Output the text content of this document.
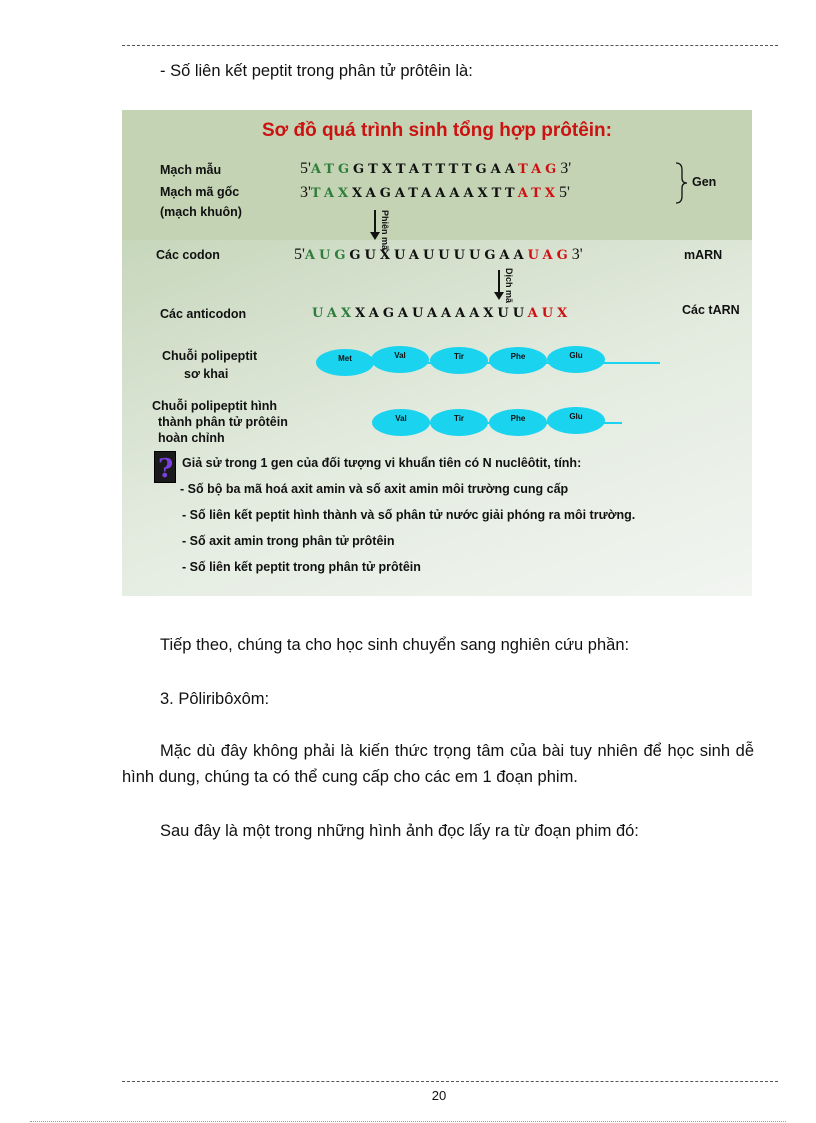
- Số liên kết peptit trong phân tử prôtêin là:
Sơ đồ quá trình sinh tổng hợp prôtêin:
Mạch mẫu
Mạch mã gốc
(mạch khuôn)
5'ATGGTXTATTTTGAATAG3'
3'TAXXAGATAAAAXTTATX5'
Gen
Phiên mã
Các codon	5'AUGGUXUAUUUUGAAUAG3'	mARN
Dịch mã
Các anticodon	UAXXAGAUAAAAXUUAUX	Các tARN
Chuỗi polipeptit
sơ khai
Met	Val	Tir	Phe	Glu
Chuỗi polipeptit hình
thành phân tử prôtêin
hoàn chỉnh
Val	Tir	Phe	Glu
? Giả sử trong 1 gen của đối tượng vi khuẩn tiên có N nuclêôtit, tính:
- Số bộ ba mã hoá axit amin và số axit amin môi trường cung cấp
- Số liên kết peptit hình thành và số phân tử nước giải phóng ra môi trường.
- Số axit amin trong phân tử prôtêin
- Số liên kết peptit trong phân tử prôtêin
Tiếp theo, chúng ta cho học sinh chuyển sang nghiên cứu phần:
3. Pôliribôxôm:
Mặc dù đây không phải là kiến thức trọng tâm của bài tuy nhiên để học sinh dễ hình dung, chúng ta có thể cung cấp cho các em 1 đoạn phim.
Sau đây là một trong những hình ảnh đọc lấy ra từ đoạn phim đó:
20
